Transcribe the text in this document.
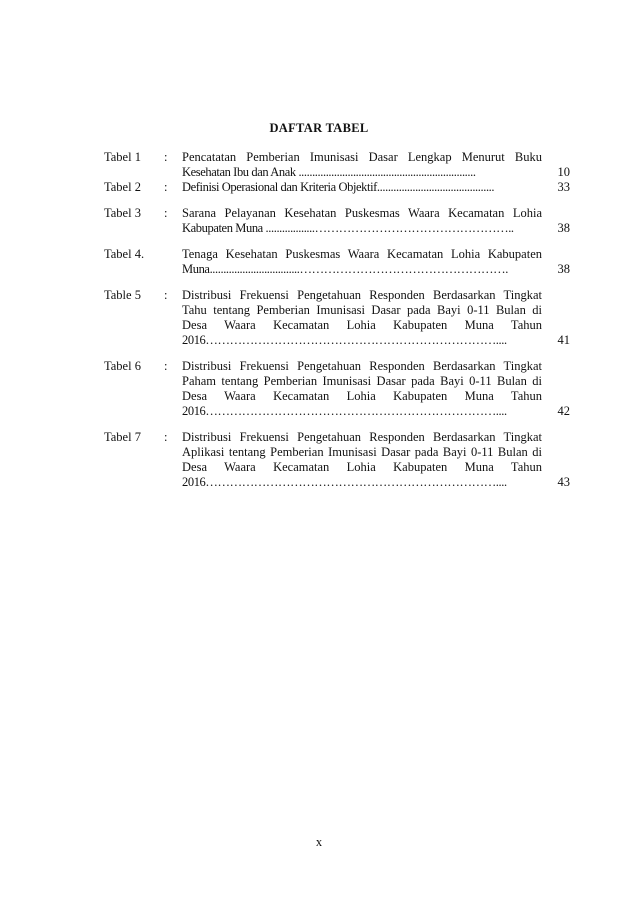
DAFTAR TABEL
Tabel 1	:	Pencatatan Pemberian Imunisasi Dasar Lengkap Menurut Buku
Kesehatan Ibu dan Anak .................................................................	10
Tabel 2	:	Definisi Operasional dan Kriteria Objektif...........................................	33
Tabel 3	:	Sarana Pelayanan Kesehatan Puskesmas Waara Kecamatan Lohia
Kabupaten Muna ..................…………………………………………..	38
Tabel 4.	Tenaga Kesehatan Puskesmas Waara Kecamatan Lohia Kabupaten
Muna.................................…………………………………………….	38
Table 5	:	Distribusi Frekuensi Pengetahuan Responden Berdasarkan Tingkat
Tahu tentang Pemberian Imunisasi Dasar pada Bayi 0-11 Bulan di
Desa Waara Kecamatan Lohia Kabupaten Muna Tahun
2016………………………………………………………………....	41
Tabel 6	:	Distribusi Frekuensi Pengetahuan Responden Berdasarkan Tingkat
Paham tentang Pemberian Imunisasi Dasar pada Bayi 0-11 Bulan di
Desa Waara Kecamatan Lohia Kabupaten Muna Tahun
2016………………………………………………………………....	42
Tabel 7	:	Distribusi Frekuensi Pengetahuan Responden Berdasarkan Tingkat
Aplikasi tentang Pemberian Imunisasi Dasar pada Bayi 0-11 Bulan di
Desa Waara Kecamatan Lohia Kabupaten Muna Tahun
2016………………………………………………………………....	43
x
